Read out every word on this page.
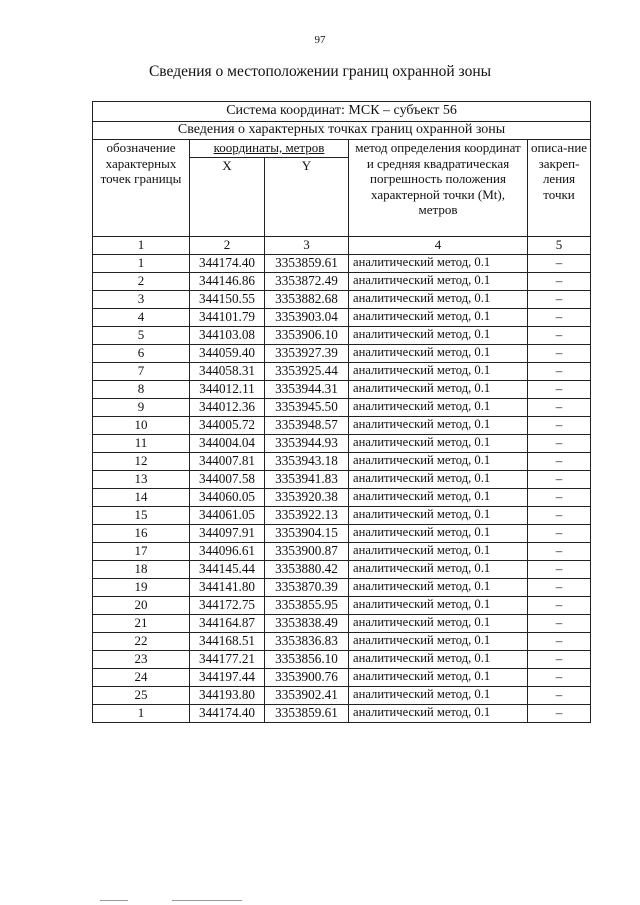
97
Сведения о местоположении границ охранной зоны
Система координат: МСК – субъект 56				
Сведения о характерных точках границ охранной зоны				
обозначение характерных точек границы	координаты, метров		метод определения координат и средняя квадратическая погрешность положения характерной точки (Mt), метров	описа-ние закреп-ления точки
	X	Y		
1	2	3	4	5
1	344174.40	3353859.61	аналитический метод, 0.1	–
2	344146.86	3353872.49	аналитический метод, 0.1	–
3	344150.55	3353882.68	аналитический метод, 0.1	–
4	344101.79	3353903.04	аналитический метод, 0.1	–
5	344103.08	3353906.10	аналитический метод, 0.1	–
6	344059.40	3353927.39	аналитический метод, 0.1	–
7	344058.31	3353925.44	аналитический метод, 0.1	–
8	344012.11	3353944.31	аналитический метод, 0.1	–
9	344012.36	3353945.50	аналитический метод, 0.1	–
10	344005.72	3353948.57	аналитический метод, 0.1	–
11	344004.04	3353944.93	аналитический метод, 0.1	–
12	344007.81	3353943.18	аналитический метод, 0.1	–
13	344007.58	3353941.83	аналитический метод, 0.1	–
14	344060.05	3353920.38	аналитический метод, 0.1	–
15	344061.05	3353922.13	аналитический метод, 0.1	–
16	344097.91	3353904.15	аналитический метод, 0.1	–
17	344096.61	3353900.87	аналитический метод, 0.1	–
18	344145.44	3353880.42	аналитический метод, 0.1	–
19	344141.80	3353870.39	аналитический метод, 0.1	–
20	344172.75	3353855.95	аналитический метод, 0.1	–
21	344164.87	3353838.49	аналитический метод, 0.1	–
22	344168.51	3353836.83	аналитический метод, 0.1	–
23	344177.21	3353856.10	аналитический метод, 0.1	–
24	344197.44	3353900.76	аналитический метод, 0.1	–
25	344193.80	3353902.41	аналитический метод, 0.1	–
1	344174.40	3353859.61	аналитический метод, 0.1	–
